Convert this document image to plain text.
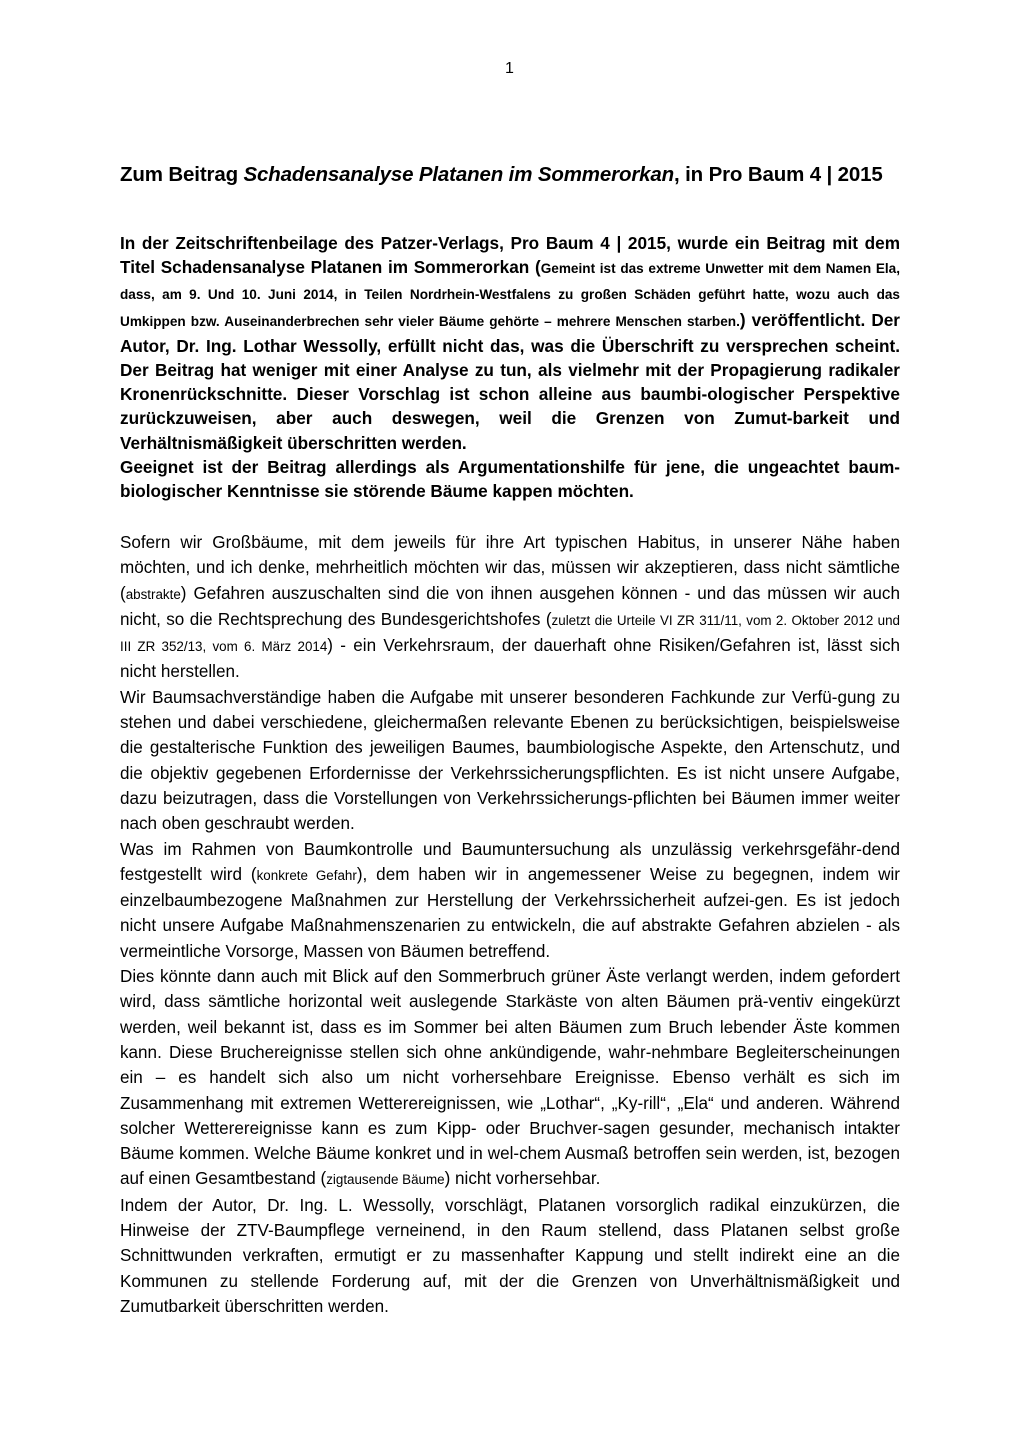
1
Zum Beitrag Schadensanalyse Platanen im Sommerorkan, in Pro Baum 4 | 2015

In der Zeitschriftenbeilage des Patzer-Verlags, Pro Baum 4 | 2015, wurde ein Beitrag mit dem Titel Schadensanalyse Platanen im Sommerorkan (Gemeint ist das extreme Unwetter mit dem Namen Ela, dass, am 9. Und 10. Juni 2014, in Teilen Nordrhein-Westfalens zu großen Schäden geführt hatte, wozu auch das Umkippen bzw. Auseinanderbrechen sehr vieler Bäume gehörte – mehrere Menschen starben.) veröffentlicht. Der Autor, Dr. Ing. Lothar Wessolly, erfüllt nicht das, was die Überschrift zu versprechen scheint. Der Beitrag hat weniger mit einer Analyse zu tun, als vielmehr mit der Propagierung radikaler Kronenrückschnitte. Dieser Vorschlag ist schon alleine aus baumbi-ologischer Perspektive zurückzuweisen, aber auch deswegen, weil die Grenzen von Zumut-barkeit und Verhältnismäßigkeit überschritten werden.

Geeignet ist der Beitrag allerdings als Argumentationshilfe für jene, die ungeachtet baum-biologischer Kenntnisse sie störende Bäume kappen möchten.

Sofern wir Großbäume, mit dem jeweils für ihre Art typischen Habitus, in unserer Nähe haben möchten, und ich denke, mehrheitlich möchten wir das, müssen wir akzeptieren, dass nicht sämtliche (abstrakte) Gefahren auszuschalten sind die von ihnen ausgehen können - und das müssen wir auch nicht, so die Rechtsprechung des Bundesgerichtshofes (zuletzt die Urteile VI ZR 311/11, vom 2. Oktober 2012 und III ZR 352/13, vom 6. März 2014) - ein Verkehrsraum, der dauerhaft ohne Risiken/Gefahren ist, lässt sich nicht herstellen.

Wir Baumsachverständige haben die Aufgabe mit unserer besonderen Fachkunde zur Verfü-gung zu stehen und dabei verschiedene, gleichermaßen relevante Ebenen zu berücksichtigen, beispielsweise die gestalterische Funktion des jeweiligen Baumes, baumbiologische Aspekte, den Artenschutz, und die objektiv gegebenen Erfordernisse der Verkehrssicherungspflichten. Es ist nicht unsere Aufgabe, dazu beizutragen, dass die Vorstellungen von Verkehrssicherungs-pflichten bei Bäumen immer weiter nach oben geschraubt werden.

Was im Rahmen von Baumkontrolle und Baumuntersuchung als unzulässig verkehrsgefähr-dend festgestellt wird (konkrete Gefahr), dem haben wir in angemessener Weise zu begegnen, indem wir einzelbaumbezogene Maßnahmen zur Herstellung der Verkehrssicherheit aufzei-gen. Es ist jedoch nicht unsere Aufgabe Maßnahmenszenarien zu entwickeln, die auf abstrakte Gefahren abzielen - als vermeintliche Vorsorge, Massen von Bäumen betreffend.

Dies könnte dann auch mit Blick auf den Sommerbruch grüner Äste verlangt werden, indem gefordert wird, dass sämtliche horizontal weit auslegende Starkäste von alten Bäumen prä-ventiv eingekürzt werden, weil bekannt ist, dass es im Sommer bei alten Bäumen zum Bruch lebender Äste kommen kann. Diese Bruchereignisse stellen sich ohne ankündigende, wahr-nehmbare Begleiterscheinungen ein – es handelt sich also um nicht vorhersehbare Ereignisse. Ebenso verhält es sich im Zusammenhang mit extremen Wetterereignissen, wie „Lothar“, „Ky-rill“, „Ela“ und anderen. Während solcher Wetterereignisse kann es zum Kipp- oder Bruchver-sagen gesunder, mechanisch intakter Bäume kommen. Welche Bäume konkret und in wel-chem Ausmaß betroffen sein werden, ist, bezogen auf einen Gesamtbestand (zigtausende Bäume) nicht vorhersehbar.

Indem der Autor, Dr. Ing. L. Wessolly, vorschlägt, Platanen vorsorglich radikal einzukürzen, die Hinweise der ZTV-Baumpflege verneinend, in den Raum stellend, dass Platanen selbst große Schnittwunden verkraften, ermutigt er zu massenhafter Kappung und stellt indirekt eine an die Kommunen zu stellende Forderung auf, mit der die Grenzen von Unverhältnismäßigkeit und Zumutbarkeit überschritten werden.
